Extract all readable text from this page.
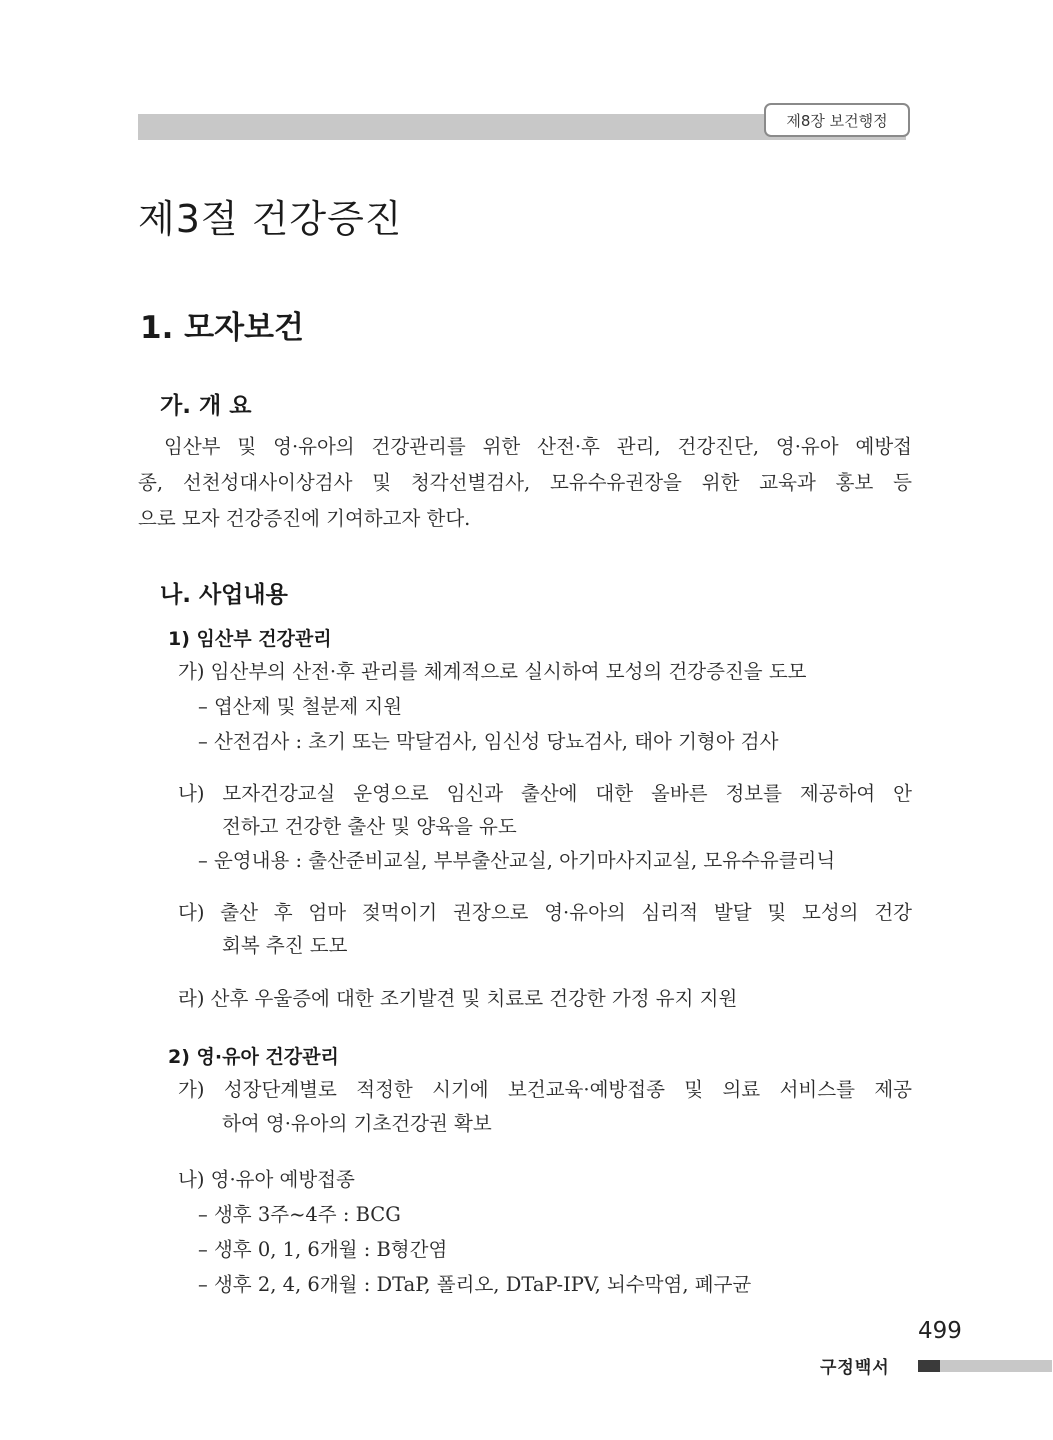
제8장 보건행정
제3절 건강증진
1. 모자보건
가. 개 요
임산부 및 영·유아의 건강관리를 위한 산전·후 관리, 건강진단, 영·유아 예방접
종, 선천성대사이상검사 및 청각선별검사, 모유수유권장을 위한 교육과 홍보 등
으로 모자 건강증진에 기여하고자 한다.
나. 사업내용
1) 임산부 건강관리
가) 임산부의 산전·후 관리를 체계적으로 실시하여 모성의 건강증진을 도모
– 엽산제 및 철분제 지원
– 산전검사 : 초기 또는 막달검사, 임신성 당뇨검사, 태아 기형아 검사
나) 모자건강교실 운영으로 임신과 출산에 대한 올바른 정보를 제공하여 안
전하고 건강한 출산 및 양육을 유도
– 운영내용 : 출산준비교실, 부부출산교실, 아기마사지교실, 모유수유클리닉
다) 출산 후 엄마 젖먹이기 권장으로 영·유아의 심리적 발달 및 모성의 건강
회복 추진 도모
라) 산후 우울증에 대한 조기발견 및 치료로 건강한 가정 유지 지원
2) 영·유아 건강관리
가) 성장단계별로 적정한 시기에 보건교육·예방접종 및 의료 서비스를 제공
하여 영·유아의 기초건강권 확보
나) 영·유아 예방접종
– 생후 3주~4주 : BCG
– 생후 0, 1, 6개월 : B형간염
– 생후 2, 4, 6개월 : DTaP, 폴리오, DTaP-IPV, 뇌수막염, 폐구균
499
구정백서
